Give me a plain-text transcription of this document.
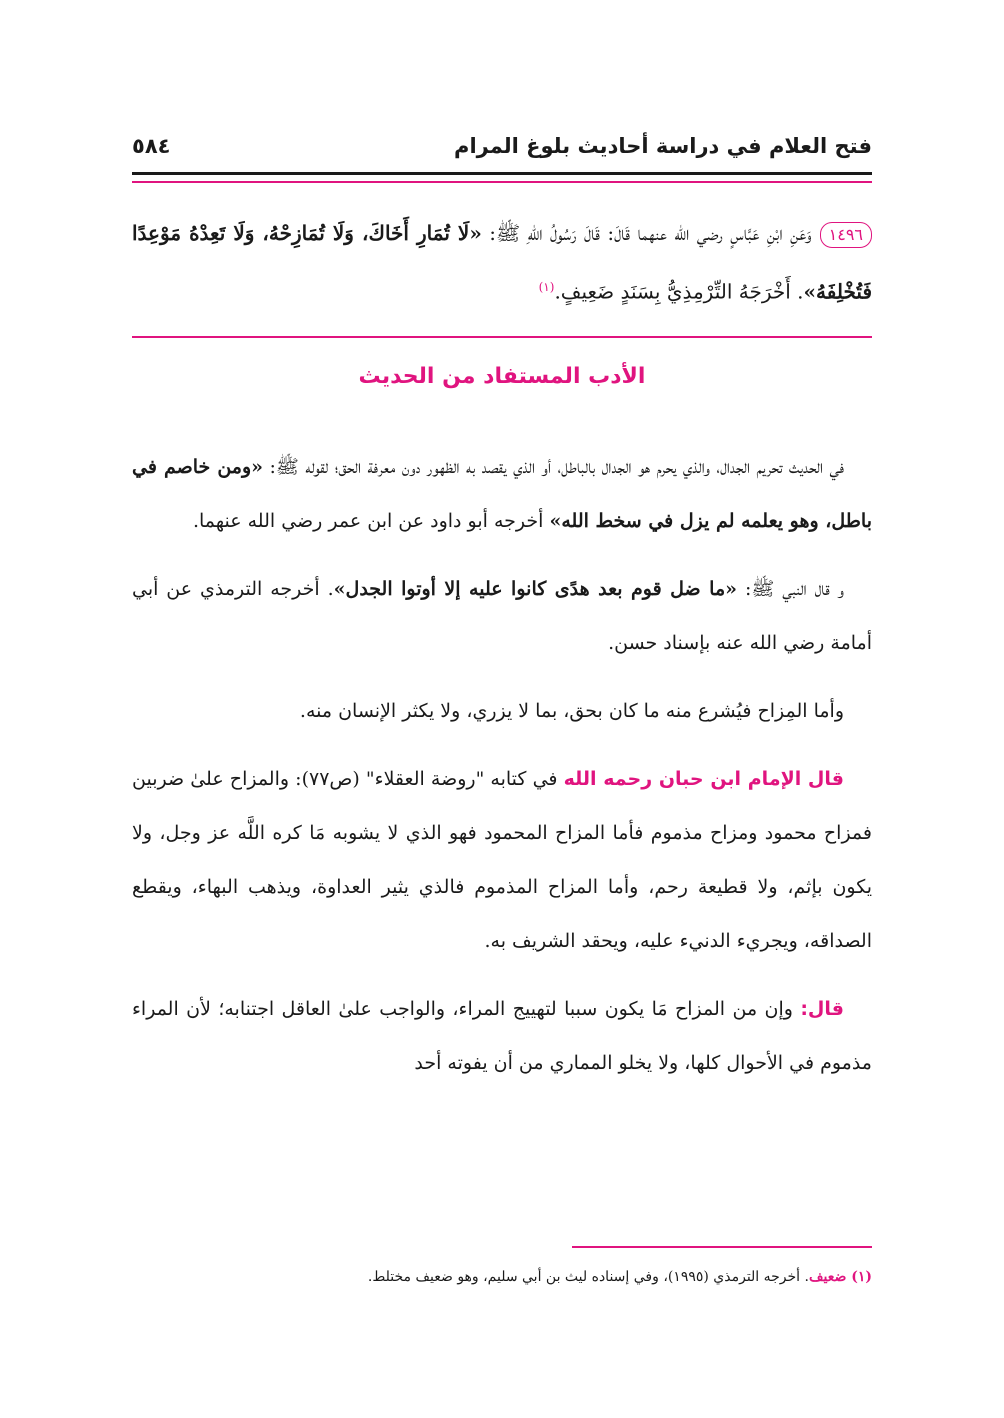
فتح العلام في دراسة أحاديث بلوغ المرام
٥٨٤
١٤٩٦وَعَنِ ابْنِ عَبَّاسٍ رضي الله عنهما قَالَ: قَالَ رَسُولُ اللهِ ﷺ: «لَا تُمَارِ أَخَاكَ، وَلَا تُمَازِحْهُ، وَلَا تَعِدْهُ مَوْعِدًا فَتُخْلِفَهُ». أَخْرَجَهُ التِّرْمِذِيُّ بِسَنَدٍ ضَعِيفٍ.$^{(١)}$
الأدب المستفاد من الحديث

في الحديث تحريم الجدال، والذي يحرم هو الجدال بالباطل، أو الذي يقصد به الظهور دون معرفة الحق؛ لقوله ﷺ: «ومن خاصم في باطل، وهو يعلمه لم يزل في سخط الله» أخرجه أبو داود عن ابن عمر رضي الله عنهما.

و قال النبي ﷺ: «ما ضل قوم بعد هدًى كانوا عليه إلا أوتوا الجدل». أخرجه الترمذي عن أبي أمامة رضي الله عنه بإسناد حسن.

وأما المِزاح فيُشرع منه ما كان بحق، بما لا يزري، ولا يكثر الإنسان منه.

قال الإمام ابن حبان رحمه الله في كتابه "روضة العقلاء" (ص٧٧): والمزاح علىٰ ضربين فمزاح محمود ومزاح مذموم فأما المزاح المحمود فهو الذي لا يشوبه مَا كره اللَّه عز وجل، ولا يكون بإثم، ولا قطيعة رحم، وأما المزاح المذموم فالذي يثير العداوة، ويذهب البهاء، ويقطع الصداقه، ويجريء الدنيء عليه، ويحقد الشريف به.

قال: وإن من المزاح مَا يكون سببا لتهييج المراء، والواجب علىٰ العاقل اجتنابه؛ لأن المراء مذموم في الأحوال كلها، ولا يخلو المماري من أن يفوته أحد

(١) ضعيف. أخرجه الترمذي (١٩٩٥)، وفي إسناده ليث بن أبي سليم، وهو ضعيف مختلط.
